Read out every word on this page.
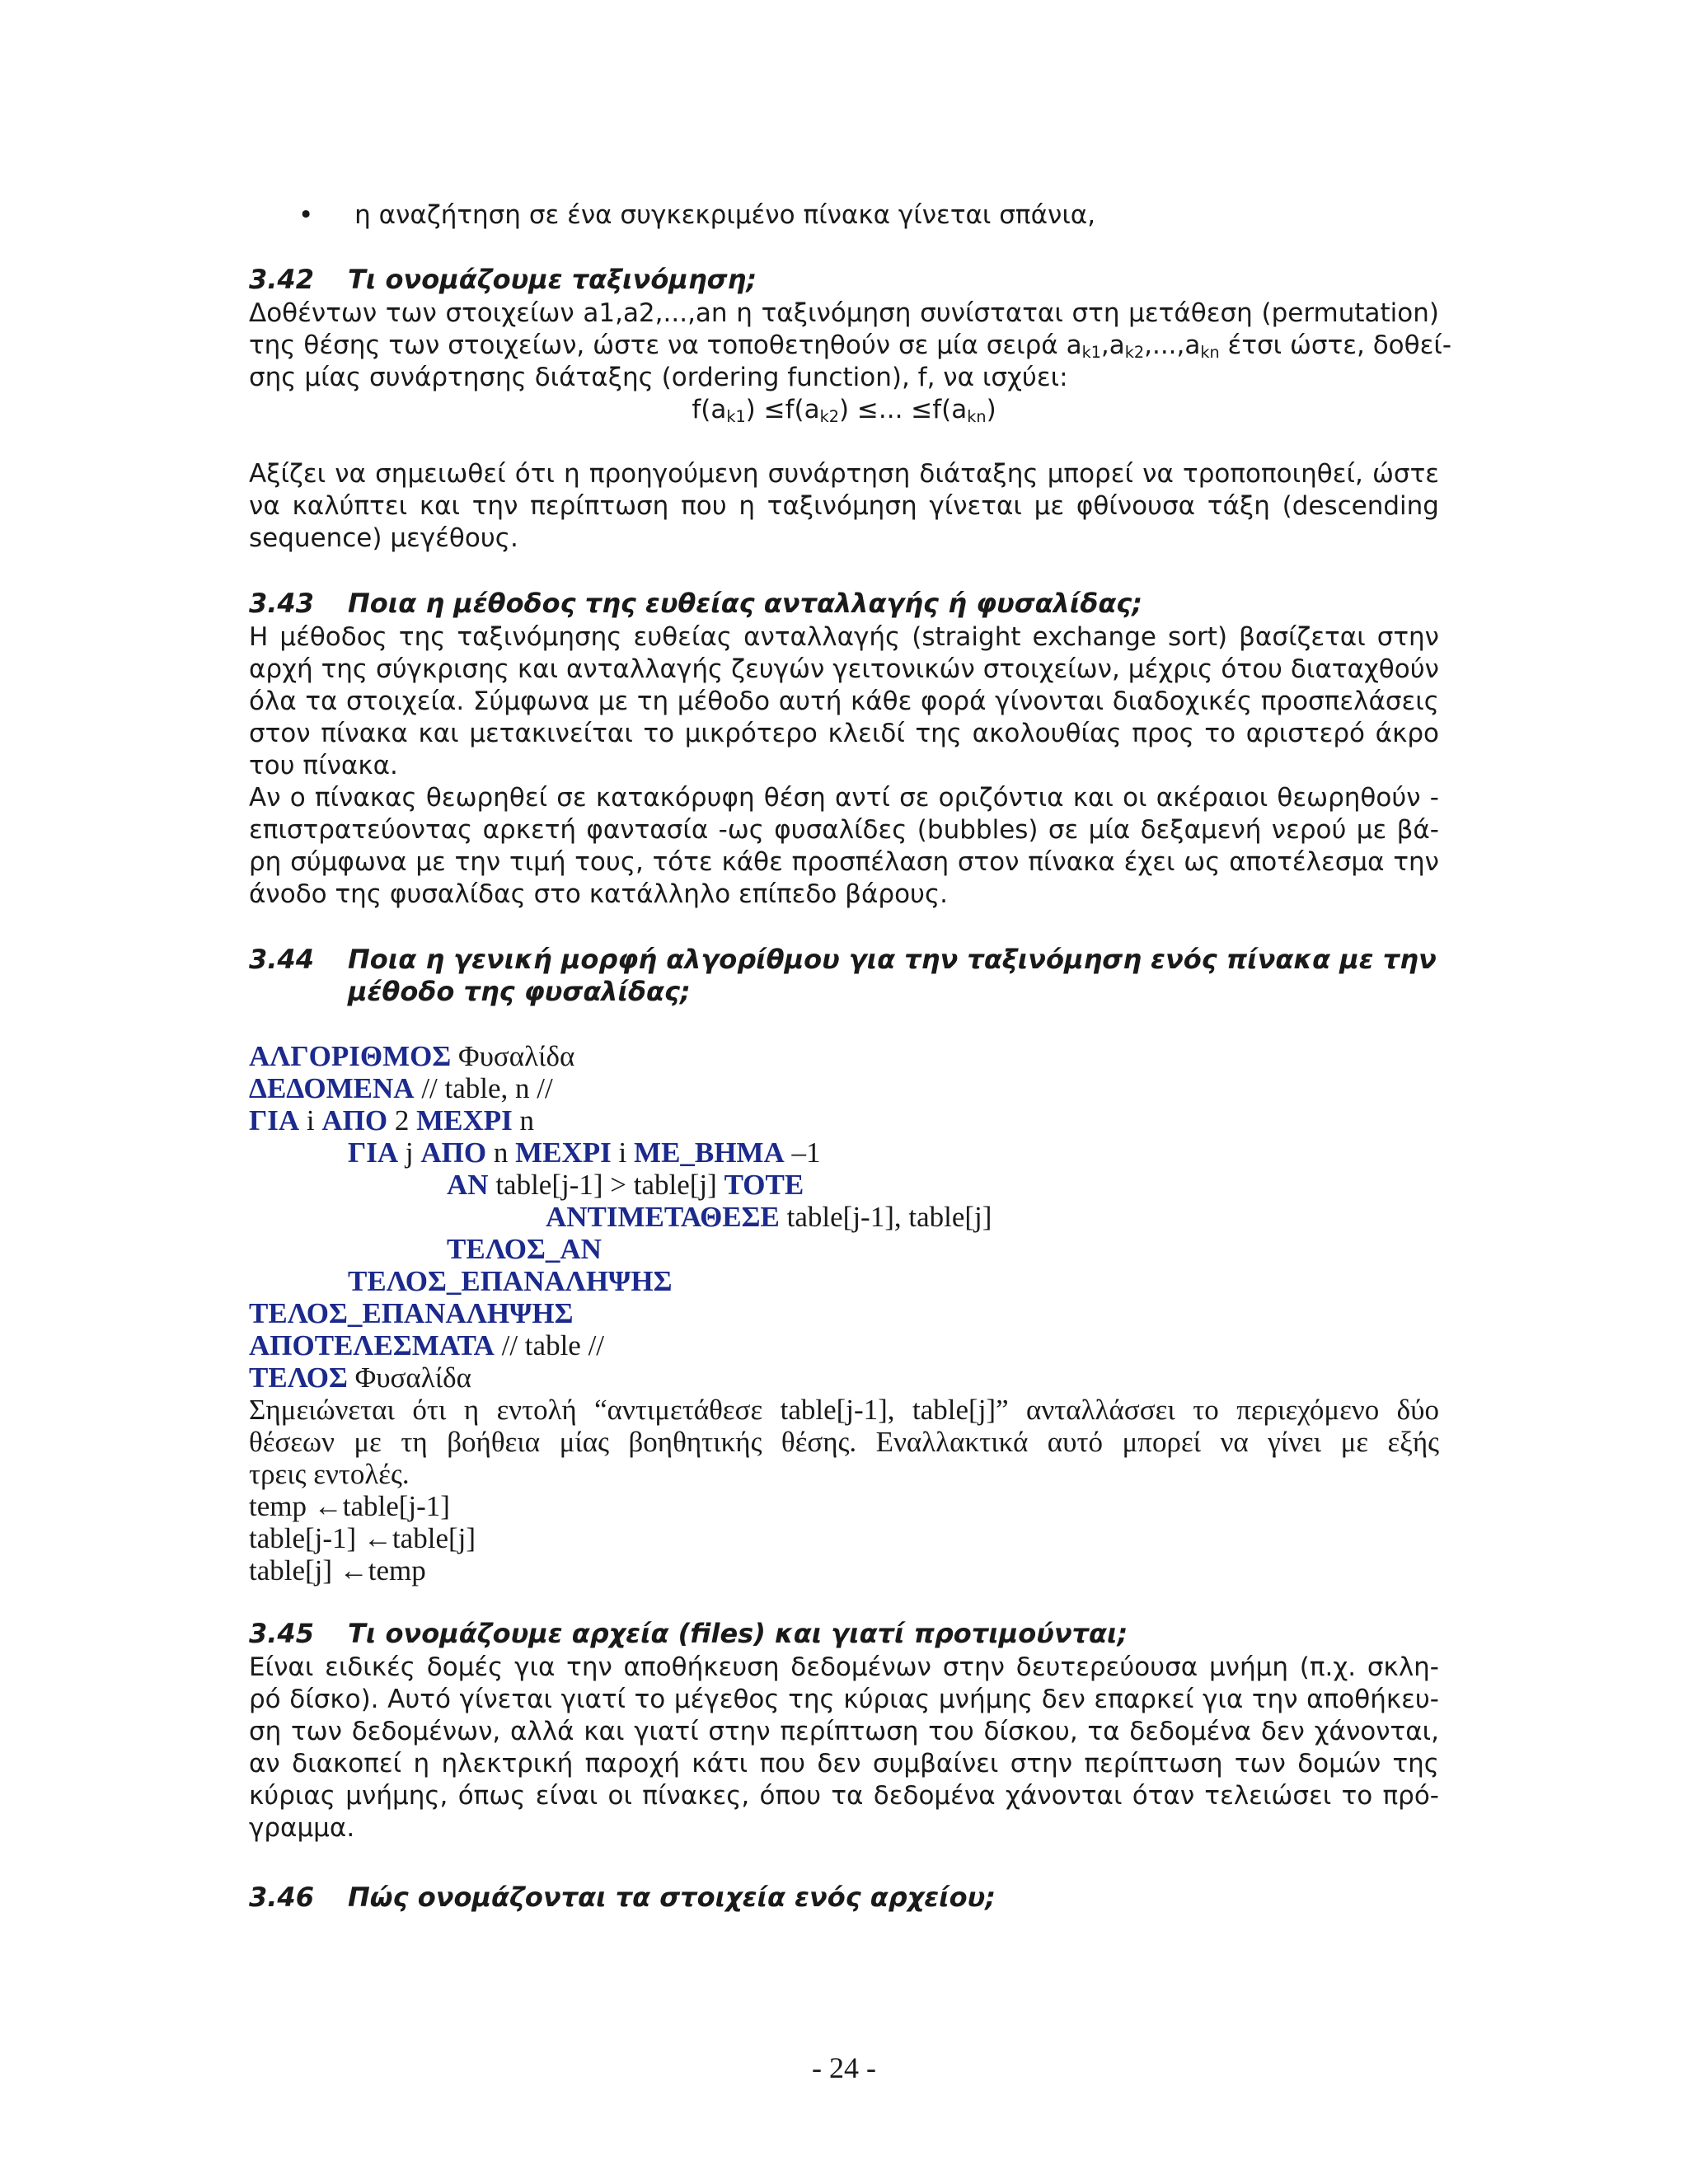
• η αναζήτηση σε ένα συγκεκριμένο πίνακα γίνεται σπάνια,
3.42 Τι ονομάζουμε ταξινόμηση;
Δοθέντων των στοιχείων a1,a2,...,an η ταξινόμηση συνίσταται στη μετάθεση (permutation)
της θέσης των στοιχείων, ώστε να τοποθετηθούν σε μία σειρά $a_{k1},a_{k2},...,a_{kn}$ έτσι ώστε, δοθεί-
σης μίας συνάρτησης διάταξης (ordering function), f, να ισχύει:
$f(a_{k1}) \le f(a_{k2})$ ≤... $\le f(a_{kn})$
Αξίζει να σημειωθεί ότι η προηγούμενη συνάρτηση διάταξης μπορεί να τροποποιηθεί, ώστε
να καλύπτει και την περίπτωση που η ταξινόμηση γίνεται με φθίνουσα τάξη (descending
sequence) μεγέθους.
3.43 Ποια η μέθοδος της ευθείας ανταλλαγής ή φυσαλίδας;
Η μέθοδος της ταξινόμησης ευθείας ανταλλαγής (straight exchange sort) βασίζεται στην
αρχή της σύγκρισης και ανταλλαγής ζευγών γειτονικών στοιχείων, μέχρις ότου διαταχθούν
όλα τα στοιχεία. Σύμφωνα με τη μέθοδο αυτή κάθε φορά γίνονται διαδοχικές προσπελάσεις
στον πίνακα και μετακινείται το μικρότερο κλειδί της ακολουθίας προς το αριστερό άκρο
του πίνακα.
Αν ο πίνακας θεωρηθεί σε κατακόρυφη θέση αντί σε οριζόντια και οι ακέραιοι θεωρηθούν -
επιστρατεύοντας αρκετή φαντασία -ως φυσαλίδες (bubbles) σε μία δεξαμενή νερού με βά-
ρη σύμφωνα με την τιμή τους, τότε κάθε προσπέλαση στον πίνακα έχει ως αποτέλεσμα την
άνοδο της φυσαλίδας στο κατάλληλο επίπεδο βάρους.
3.44 Ποια η γενική μορφή αλγορίθμου για την ταξινόμηση ενός πίνακα με την
μέθοδο της φυσαλίδας;
ΑΛΓΟΡΙΘΜΟΣ Φυσαλίδα
ΔΕΔΟΜΕΝΑ // table, n //
ΓΙΑ i ΑΠΟ 2 ΜΕΧΡΙ n
ΓΙΑ j ΑΠΟ n ΜΕΧΡΙ i ΜΕ_ΒΗΜΑ –1
ΑΝ table[j-1] > table[j] ΤΟΤΕ
ΑΝΤΙΜΕΤΑΘΕΣΕ table[j-1], table[j]
ΤΕΛΟΣ_ΑΝ
ΤΕΛΟΣ_ΕΠΑΝΑΛΗΨΗΣ
ΤΕΛΟΣ_ΕΠΑΝΑΛΗΨΗΣ
ΑΠΟΤΕΛΕΣΜΑΤΑ // table //
ΤΕΛΟΣ Φυσαλίδα
Σημειώνεται ότι η εντολή “αντιμετάθεσε table[j-1], table[j]” ανταλλάσσει το περιεχόμενο δύο
θέσεων με τη βοήθεια μίας βοηθητικής θέσης. Εναλλακτικά αυτό μπορεί να γίνει με εξής
τρεις εντολές.
temp ←table[j-1]
table[j-1] ←table[j]
table[j] ←temp
3.45 Τι ονομάζουμε αρχεία (files) και γιατί προτιμούνται;
Είναι ειδικές δομές για την αποθήκευση δεδομένων στην δευτερεύουσα μνήμη (π.χ. σκλη-
ρό δίσκο). Αυτό γίνεται γιατί το μέγεθος της κύριας μνήμης δεν επαρκεί για την αποθήκευ-
ση των δεδομένων, αλλά και γιατί στην περίπτωση του δίσκου, τα δεδομένα δεν χάνονται,
αν διακοπεί η ηλεκτρική παροχή κάτι που δεν συμβαίνει στην περίπτωση των δομών της
κύριας μνήμης, όπως είναι οι πίνακες, όπου τα δεδομένα χάνονται όταν τελειώσει το πρό-
γραμμα.
3.46 Πώς ονομάζονται τα στοιχεία ενός αρχείου;
- 24 -
